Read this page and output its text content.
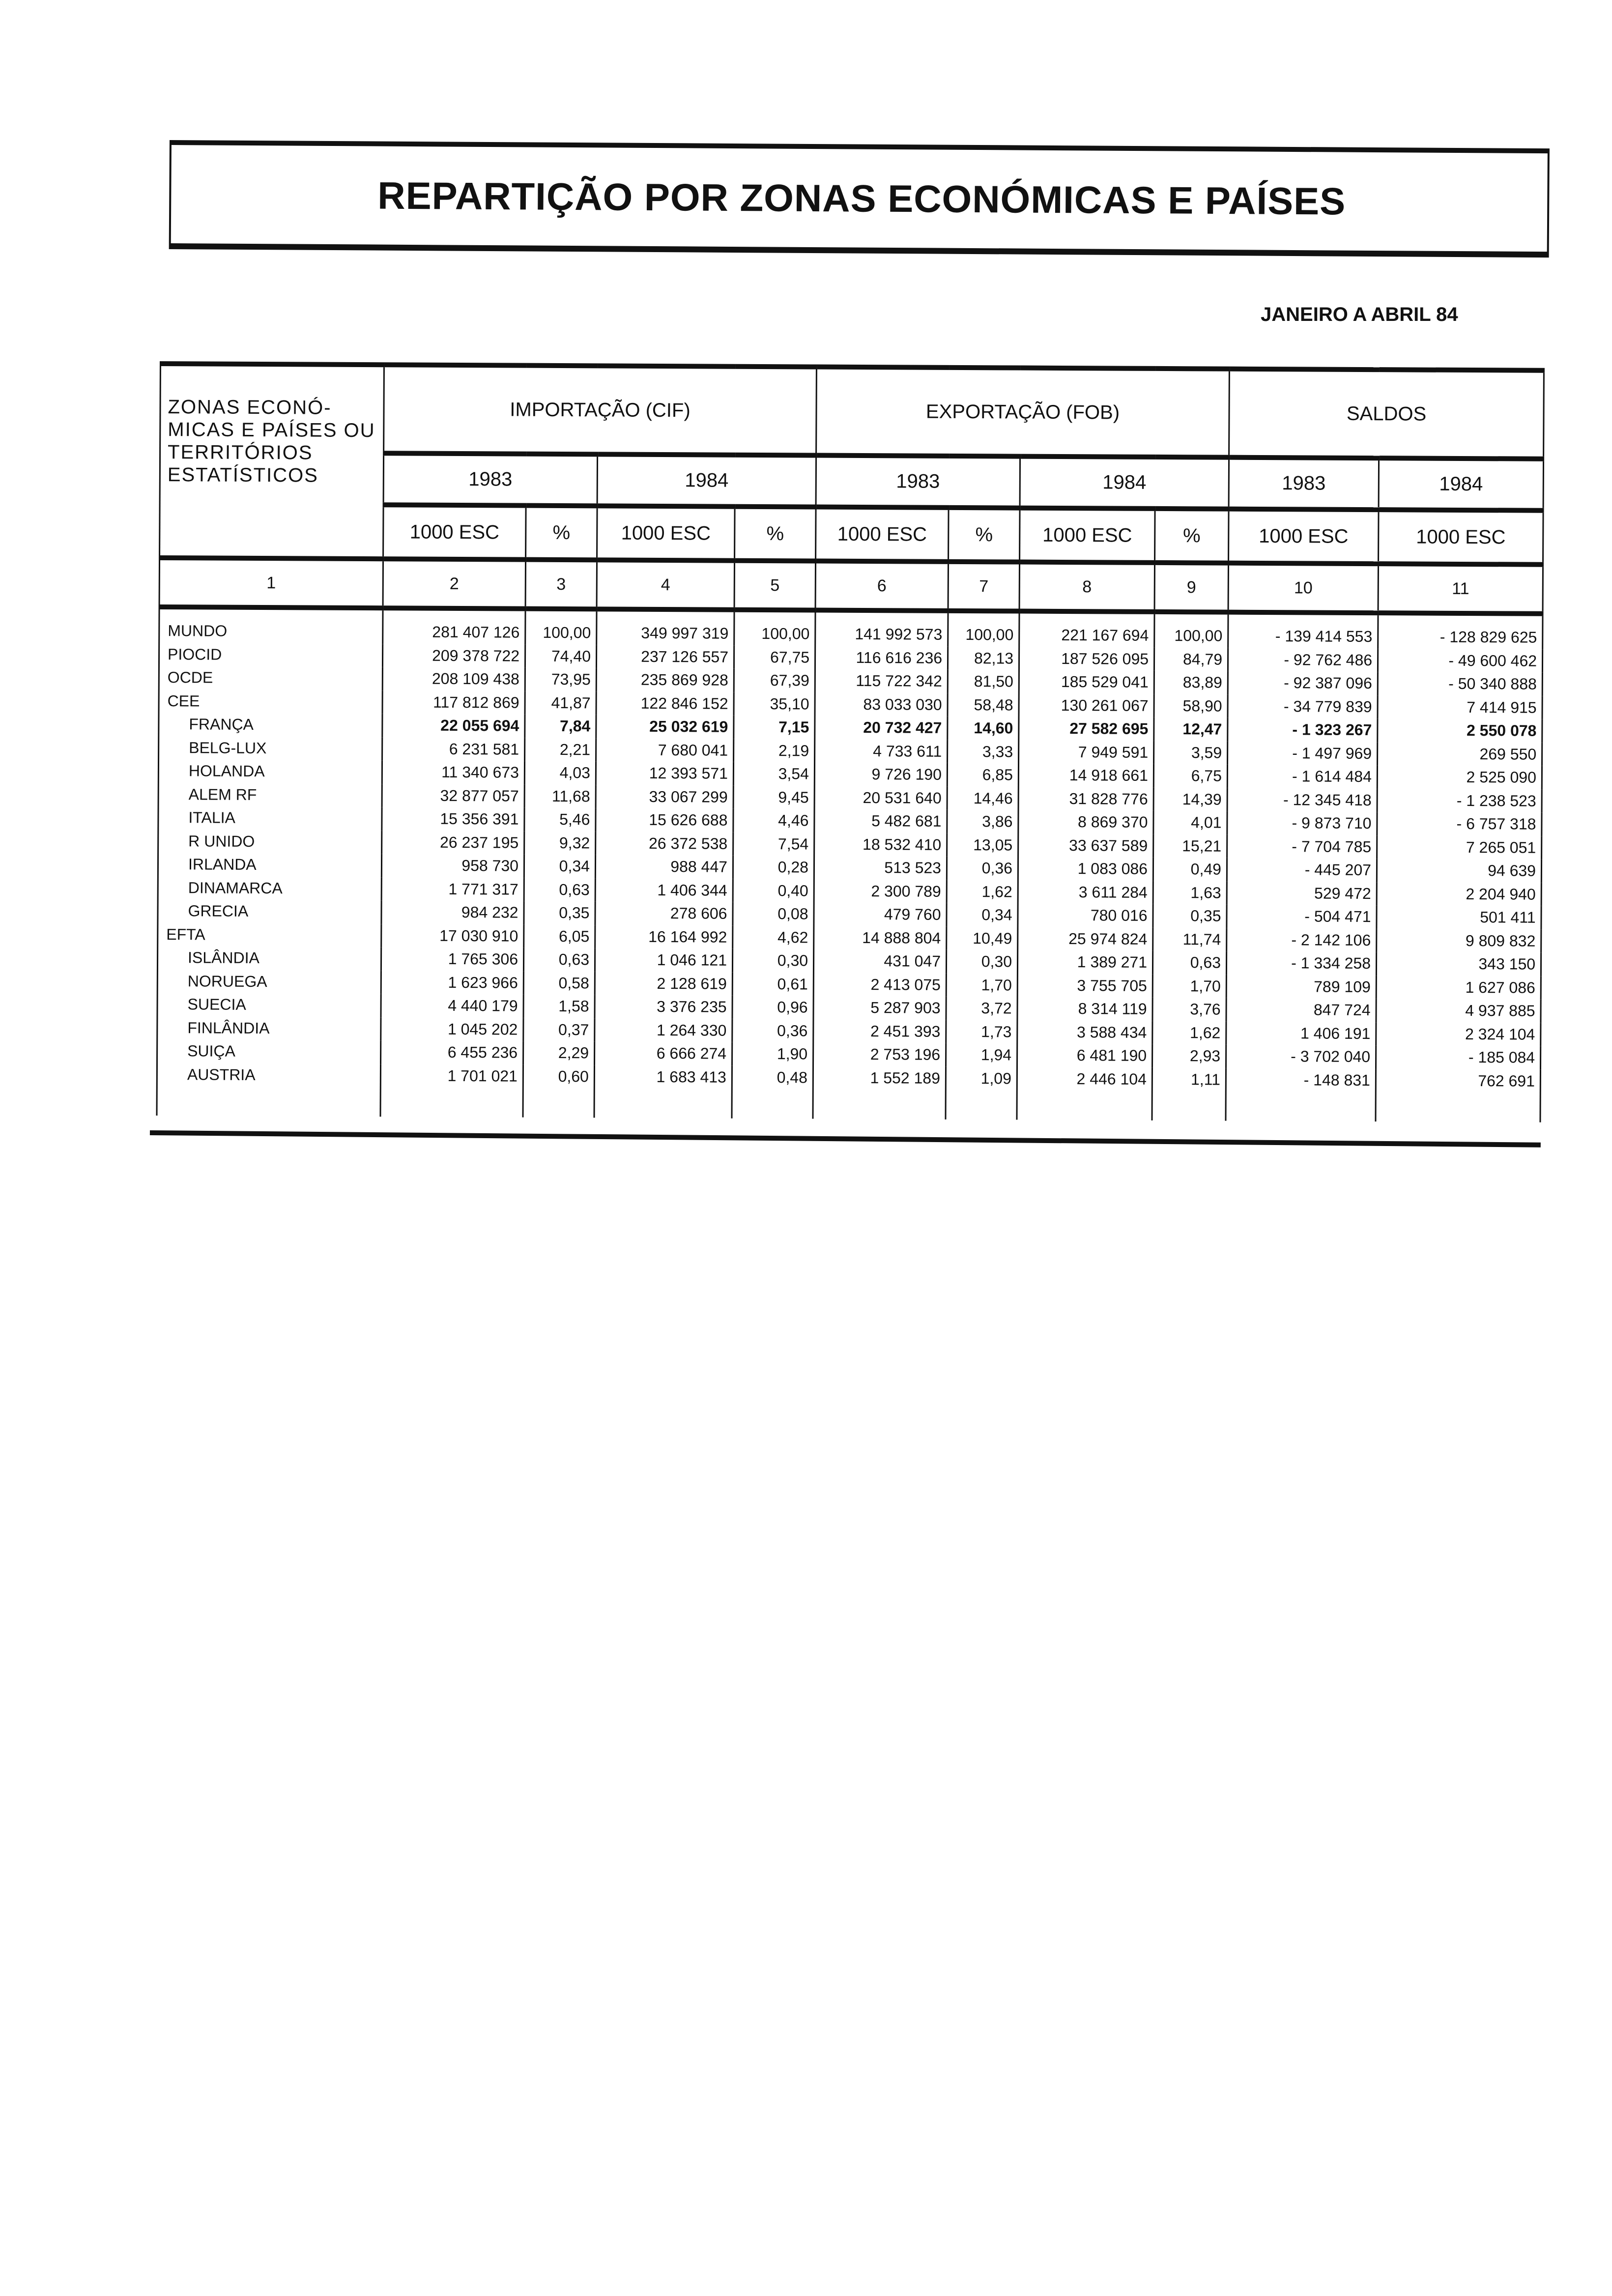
REPARTIÇÃO POR ZONAS ECONÓMICAS E PAÍSES
JANEIRO A ABRIL 84
ZONAS ECONÓ- MICAS E PAÍSES OU TERRITÓRIOS ESTATÍSTICOS	IMPORTAÇÃO (CIF)				EXPORTAÇÃO (FOB)				SALDOS	
	1983		1984		1983		1984		1983	1984
	1000 ESC	%	1000 ESC	%	1000 ESC	%	1000 ESC	%	1000 ESC	1000 ESC
1	2	3	4	5	6	7	8	9	10	11
MUNDO	281 407 126	100,00	349 997 319	100,00	141 992 573	100,00	221 167 694	100,00	- 139 414 553	- 128 829 625
PIOCID	209 378 722	74,40	237 126 557	67,75	116 616 236	82,13	187 526 095	84,79	- 92 762 486	- 49 600 462
OCDE	208 109 438	73,95	235 869 928	67,39	115 722 342	81,50	185 529 041	83,89	- 92 387 096	- 50 340 888
CEE	117 812 869	41,87	122 846 152	35,10	83 033 030	58,48	130 261 067	58,90	- 34 779 839	7 414 915
FRANÇA	22 055 694	7,84	25 032 619	7,15	20 732 427	14,60	27 582 695	12,47	- 1 323 267	2 550 078
BELG-LUX	6 231 581	2,21	7 680 041	2,19	4 733 611	3,33	7 949 591	3,59	- 1 497 969	269 550
HOLANDA	11 340 673	4,03	12 393 571	3,54	9 726 190	6,85	14 918 661	6,75	- 1 614 484	2 525 090
ALEM RF	32 877 057	11,68	33 067 299	9,45	20 531 640	14,46	31 828 776	14,39	- 12 345 418	- 1 238 523
ITALIA	15 356 391	5,46	15 626 688	4,46	5 482 681	3,86	8 869 370	4,01	- 9 873 710	- 6 757 318
R UNIDO	26 237 195	9,32	26 372 538	7,54	18 532 410	13,05	33 637 589	15,21	- 7 704 785	7 265 051
IRLANDA	958 730	0,34	988 447	0,28	513 523	0,36	1 083 086	0,49	- 445 207	94 639
DINAMARCA	1 771 317	0,63	1 406 344	0,40	2 300 789	1,62	3 611 284	1,63	529 472	2 204 940
GRECIA	984 232	0,35	278 606	0,08	479 760	0,34	780 016	0,35	- 504 471	501 411
EFTA	17 030 910	6,05	16 164 992	4,62	14 888 804	10,49	25 974 824	11,74	- 2 142 106	9 809 832
ISLÂNDIA	1 765 306	0,63	1 046 121	0,30	431 047	0,30	1 389 271	0,63	- 1 334 258	343 150
NORUEGA	1 623 966	0,58	2 128 619	0,61	2 413 075	1,70	3 755 705	1,70	789 109	1 627 086
SUECIA	4 440 179	1,58	3 376 235	0,96	5 287 903	3,72	8 314 119	3,76	847 724	4 937 885
FINLÂNDIA	1 045 202	0,37	1 264 330	0,36	2 451 393	1,73	3 588 434	1,62	1 406 191	2 324 104
SUIÇA	6 455 236	2,29	6 666 274	1,90	2 753 196	1,94	6 481 190	2,93	- 3 702 040	- 185 084
AUSTRIA	1 701 021	0,60	1 683 413	0,48	1 552 189	1,09	2 446 104	1,11	- 148 831	762 691
